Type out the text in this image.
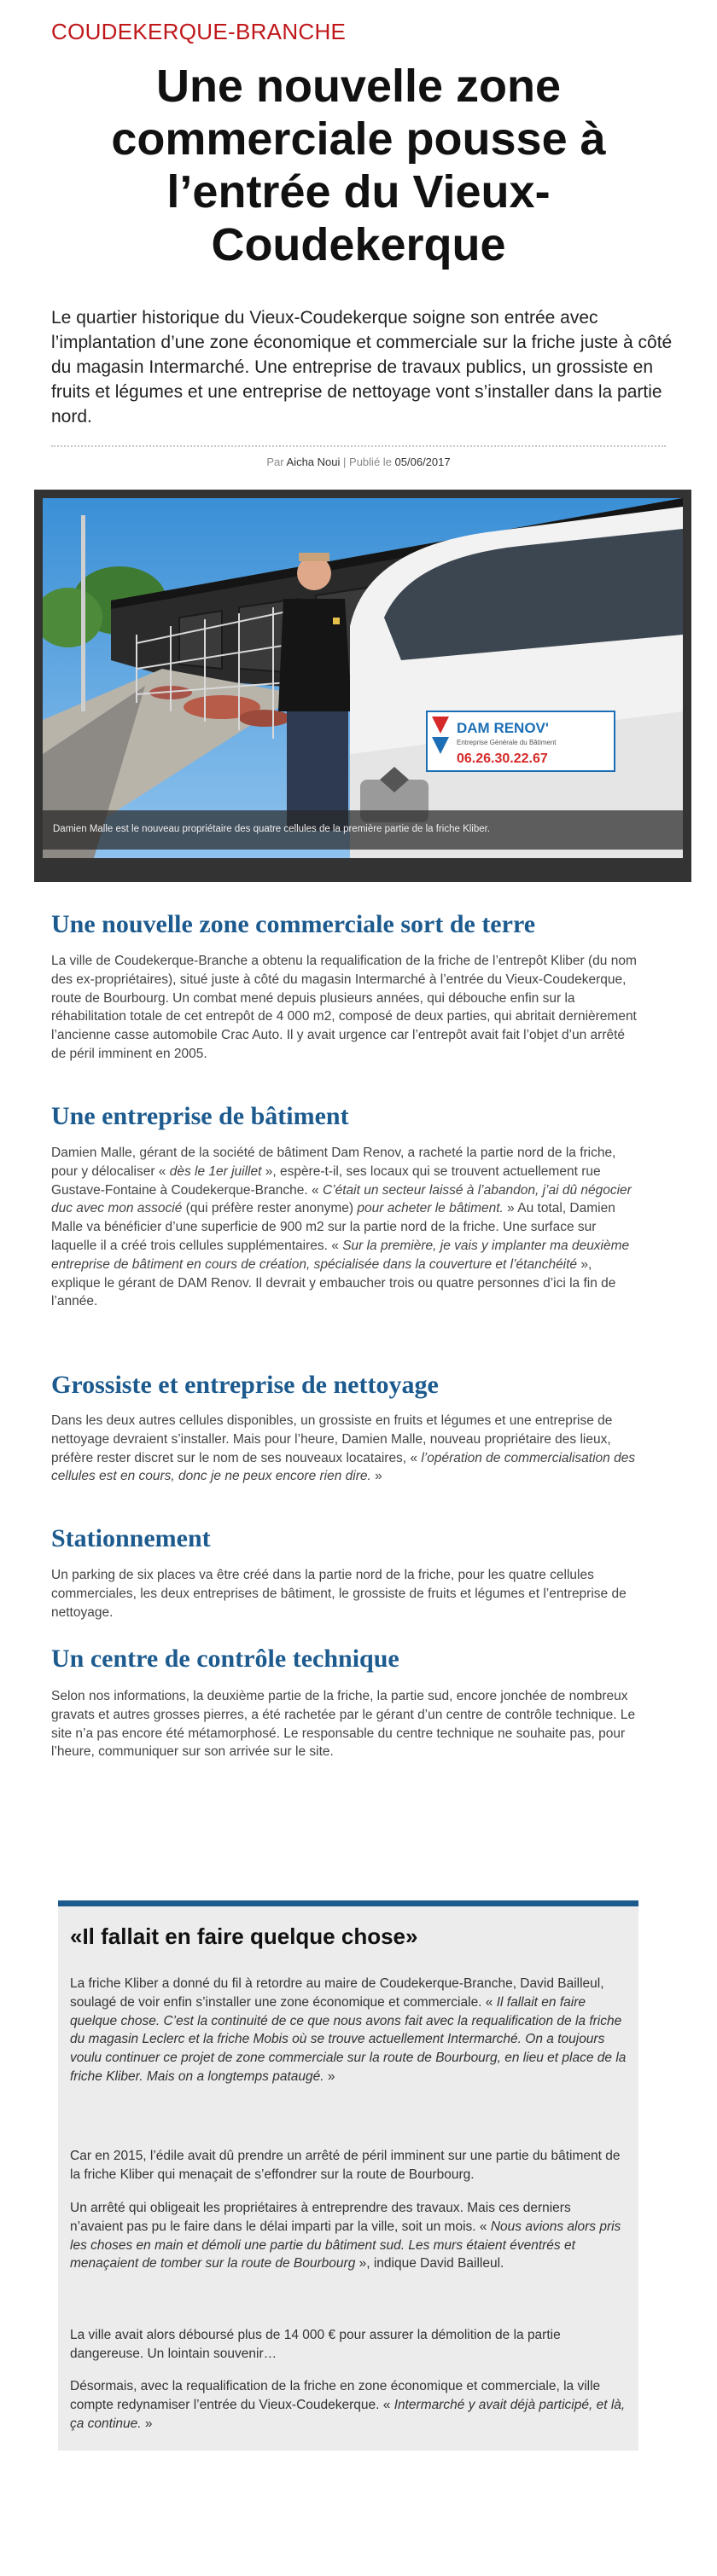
COUDEKERQUE-BRANCHE
Une nouvelle zone
commerciale pousse à
l’entrée du Vieux-
Coudekerque

Le quartier historique du Vieux-Coudekerque soigne son entrée avec l’implantation d’une zone économique et commerciale sur la friche juste à côté du magasin Intermarché. Une entreprise de travaux publics, un grossiste en fruits et légumes et une entreprise de nettoyage vont s’installer dans la partie nord.

Par Aicha Noui | Publié le 05/06/2017
DAM RENOV'
Entreprise Générale du Bâtiment
06.26.30.22.67
Damien Malle est le nouveau propriétaire des quatre cellules de la première partie de la friche Kliber.
Une nouvelle zone commerciale sort de terre

La ville de Coudekerque-Branche a obtenu la requalification de la friche de l’entrepôt Kliber (du nom des ex-propriétaires), situé juste à côté du magasin Intermarché à l’entrée du Vieux-Coudekerque, route de Bourbourg. Un combat mené depuis plusieurs années, qui débouche enfin sur la réhabilitation totale de cet entrepôt de 4 000 m2, composé de deux parties, qui abritait dernièrement l’ancienne casse automobile Crac Auto. Il y avait urgence car l’entrepôt avait fait l’objet d’un arrêté de péril imminent en 2005.

Une entreprise de bâtiment

Damien Malle, gérant de la société de bâtiment Dam Renov, a racheté la partie nord de la friche, pour y délocaliser « dès le 1er juillet », espère-t-il, ses locaux qui se trouvent actuellement rue Gustave-Fontaine à Coudekerque-Branche. « C’était un secteur laissé à l’abandon, j’ai dû négocier duc avec mon associé (qui préfère rester anonyme) pour acheter le bâtiment. » Au total, Damien Malle va bénéficier d’une superficie de 900 m2 sur la partie nord de la friche. Une surface sur laquelle il a créé trois cellules supplémentaires. « Sur la première, je vais y implanter ma deuxième entreprise de bâtiment en cours de création, spécialisée dans la couverture et l’étanchéité », explique le gérant de DAM Renov. Il devrait y embaucher trois ou quatre personnes d’ici la fin de l’année.

Grossiste et entreprise de nettoyage

Dans les deux autres cellules disponibles, un grossiste en fruits et légumes et une entreprise de nettoyage devraient s’installer. Mais pour l’heure, Damien Malle, nouveau propriétaire des lieux, préfère rester discret sur le nom de ses nouveaux locataires, « l’opération de commercialisation des cellules est en cours, donc je ne peux encore rien dire. »

Stationnement

Un parking de six places va être créé dans la partie nord de la friche, pour les quatre cellules commerciales, les deux entreprises de bâtiment, le grossiste de fruits et légumes et l’entreprise de nettoyage.

Un centre de contrôle technique

Selon nos informations, la deuxième partie de la friche, la partie sud, encore jonchée de nombreux gravats et autres grosses pierres, a été rachetée par le gérant d’un centre de contrôle technique. Le site n’a pas encore été métamorphosé. Le responsable du centre technique ne souhaite pas, pour l’heure, communiquer sur son arrivée sur le site.

«Il fallait en faire quelque chose»

La friche Kliber a donné du fil à retordre au maire de Coudekerque-Branche, David Bailleul, soulagé de voir enfin s’installer une zone économique et commerciale. « Il fallait en faire quelque chose. C’est la continuité de ce que nous avons fait avec la requalification de la friche du magasin Leclerc et la friche Mobis où se trouve actuellement Intermarché. On a toujours voulu continuer ce projet de zone commerciale sur la route de Bourbourg, en lieu et place de la friche Kliber. Mais on a longtemps pataugé. »

Car en 2015, l’édile avait dû prendre un arrêté de péril imminent sur une partie du bâtiment de la friche Kliber qui menaçait de s’effondrer sur la route de Bourbourg.

Un arrêté qui obligeait les propriétaires à entreprendre des travaux. Mais ces derniers n’avaient pas pu le faire dans le délai imparti par la ville, soit un mois. « Nous avions alors pris les choses en main et démoli une partie du bâtiment sud. Les murs étaient éventrés et menaçaient de tomber sur la route de Bourbourg », indique David Bailleul.

La ville avait alors déboursé plus de 14 000 € pour assurer la démolition de la partie dangereuse. Un lointain souvenir…

Désormais, avec la requalification de la friche en zone économique et commerciale, la ville compte redynamiser l’entrée du Vieux-Coudekerque. « Intermarché y avait déjà participé, et là, ça continue. »
